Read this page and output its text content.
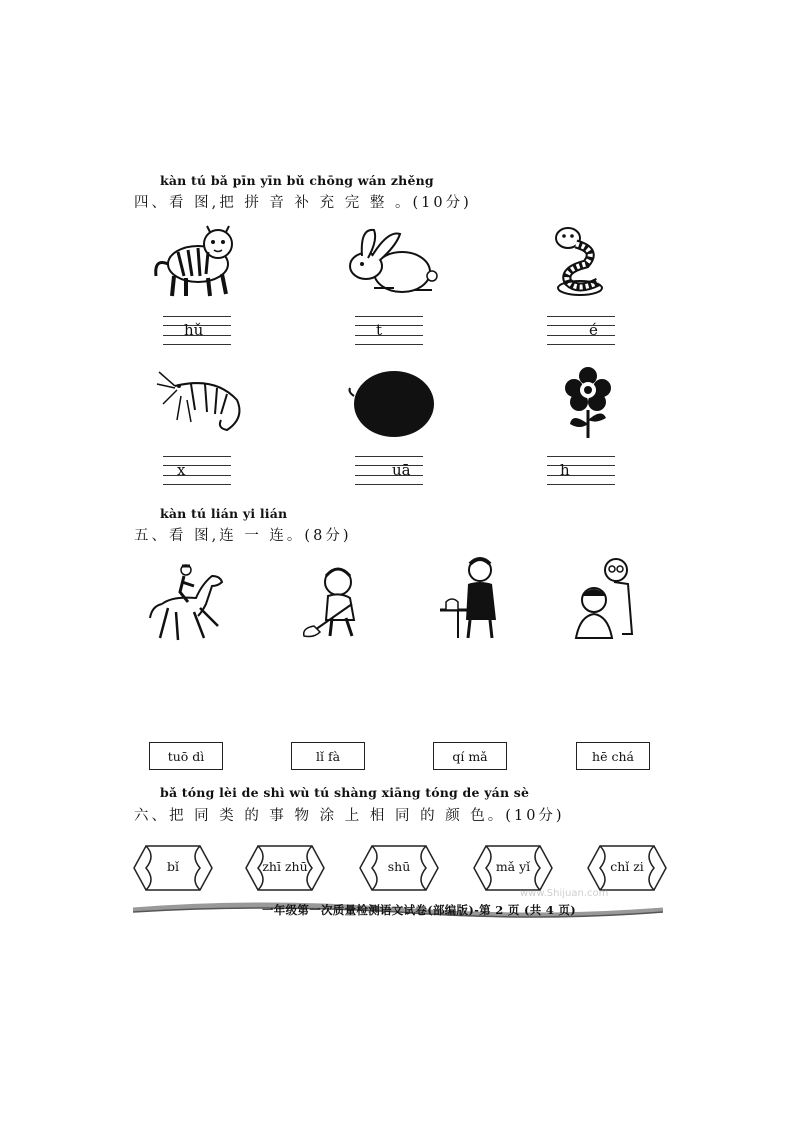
kàn tú bǎ pīn yīn bǔ chōng wán zhěng
四、看 图,把 拼 音 补 充 完 整 。(10分)
hǔ	t	é
x	uā	h
kàn tú lián yi lián
五、看 图,连 一 连。(8分)
tuō dì	lǐ fà	qí mǎ	hē chá
bǎ tóng lèi de shì wù tú shàng xiāng tóng de yán sè
六、把 同 类 的 事 物 涂 上 相 同 的 颜 色。(10分)
bǐ	zhī zhū	shū	mǎ yǐ	chǐ zi
www.Shijuan.com
一年级第一次质量检测语文试卷(部编版)-第 2 页 (共 4 页)
